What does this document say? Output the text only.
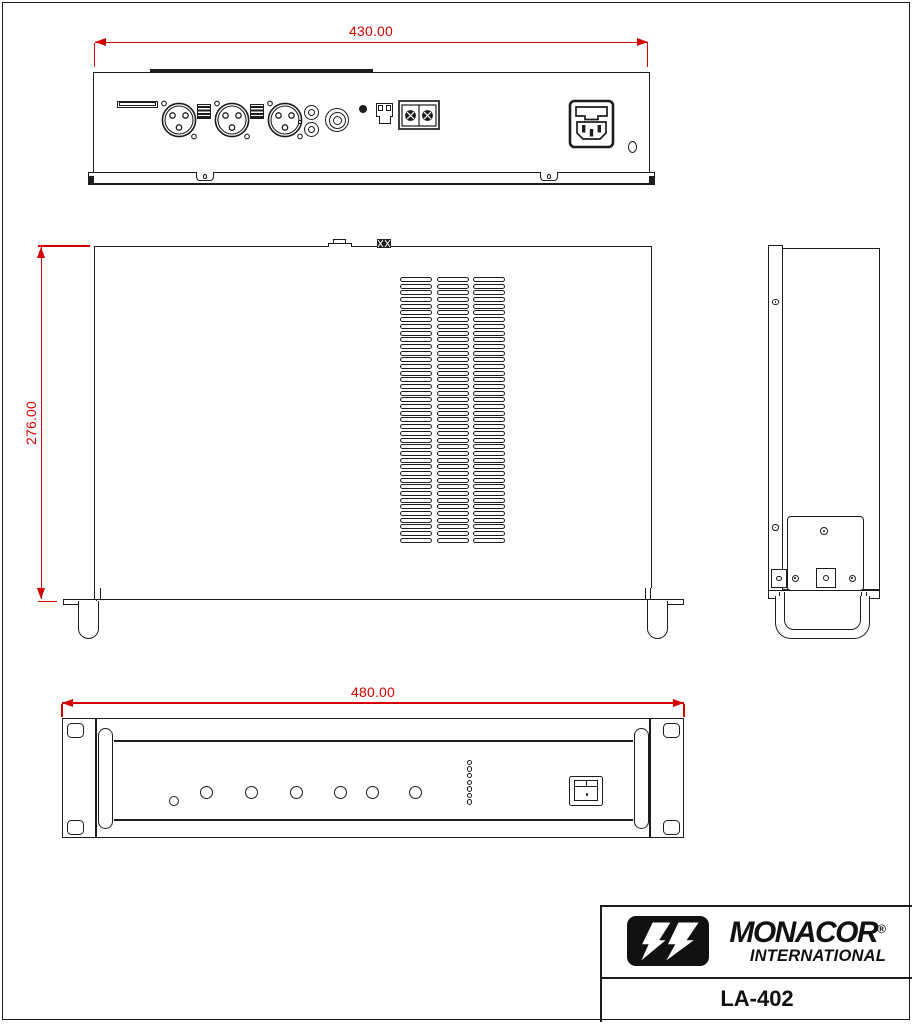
430.00
276.00
480.00
MONACOR®
INTERNATIONAL
LA-402
